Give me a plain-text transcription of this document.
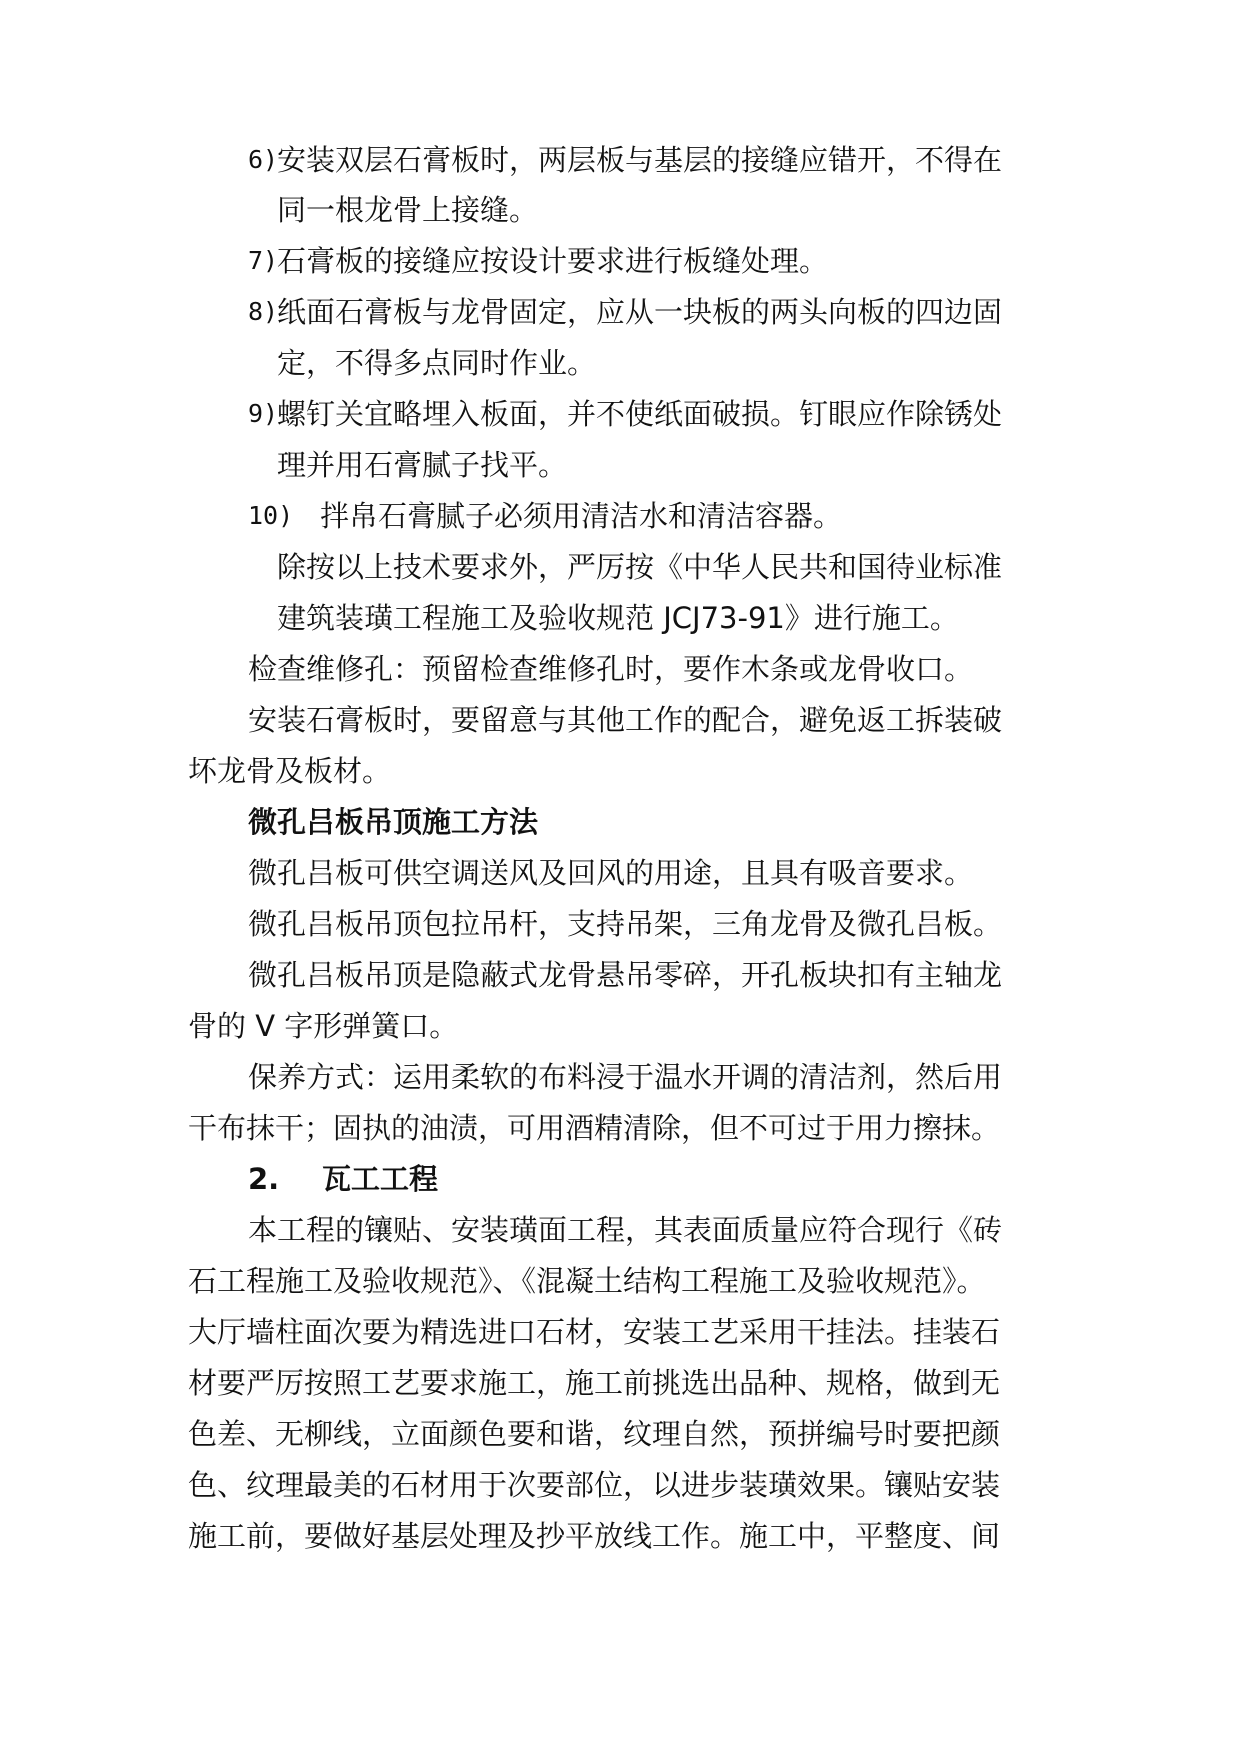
6)
安装双层石膏板时，两层板与基层的接缝应错开，不得在
同一根龙骨上接缝。
7)
石膏板的接缝应按设计要求进行板缝处理。
8)
纸面石膏板与龙骨固定，应从一块板的两头向板的四边固
定，不得多点同时作业。
9)
螺钉关宜略埋入板面，并不使纸面破损。钉眼应作除锈处
理并用石膏腻子找平。
10) 拌帛石膏腻子必须用清洁水和清洁容器。
除按以上技术要求外，严厉按《中华人民共和国待业标准
建筑装璜工程施工及验收规范 JCJ73-91》进行施工。
检查维修孔：预留检查维修孔时，要作木条或龙骨收口。
安装石膏板时，要留意与其他工作的配合，避免返工拆装破
坏龙骨及板材。
微孔吕板吊顶施工方法
微孔吕板可供空调送风及回风的用途，且具有吸音要求。
微孔吕板吊顶包拉吊杆，支持吊架，三角龙骨及微孔吕板。
微孔吕板吊顶是隐蔽式龙骨悬吊零碎，开孔板块扣有主轴龙
骨的 V 字形弹簧口。
保养方式：运用柔软的布料浸于温水开调的清洁剂，然后用
干布抹干；固执的油渍，可用酒精清除，但不可过于用力擦抹。
2. 瓦工工程
本工程的镶贴、安装璜面工程，其表面质量应符合现行《砖
石工程施工及验收规范》、《混凝土结构工程施工及验收规范》。
大厅墙柱面次要为精选进口石材，安装工艺采用干挂法。挂装石
材要严厉按照工艺要求施工，施工前挑选出品种、规格，做到无
色差、无柳线，立面颜色要和谐，纹理自然，预拼编号时要把颜
色、纹理最美的石材用于次要部位，以进步装璜效果。镶贴安装
施工前，要做好基层处理及抄平放线工作。施工中，平整度、间
